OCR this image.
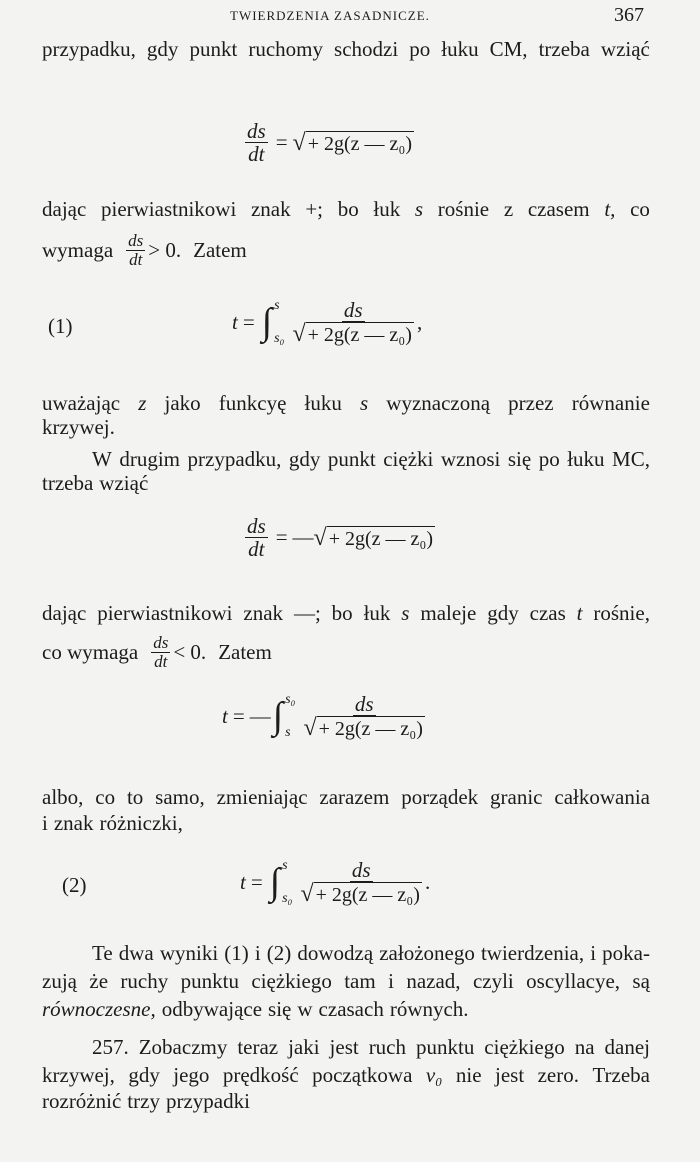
TWIERDZENIA ZASADNICZE.	367
przypadku, gdy punkt ruchomy schodzi po łuku CM, trzeba wziąć
dając pierwiastnikowi znak +; bo łuk s rośnie z czasem t, co
uważając z jako funkcyę łuku s wyznaczoną przez równanie
krzywej.
W drugim przypadku, gdy punkt ciężki wznosi się po łuku MC,
trzeba wziąć
dając pierwiastnikowi znak —; bo łuk s maleje gdy czas t rośnie,
albo, co to samo, zmieniając zarazem porządek granic całkowania
i znak różniczki,
Te dwa wyniki (1) i (2) dowodzą założonego twierdzenia, i poka-
zują że ruchy punktu ciężkiego tam i nazad, czyli oscyllacye, są
równoczesne, odbywające się w czasach równych.
257. Zobaczmy teraz jaki jest ruch punktu ciężkiego na danej
krzywej, gdy jego prędkość początkowa v₀ nie jest zero. Trzeba
rozróżnić trzy przypadki
$\frac{ds}{dt}$ = √ + 2g(z — z₀)
wymaga $\frac{ds}{dt} > 0$. Zatem
(1)	t = ∫ s
$s_0 \frac{ds}{\text{√ + 2g(z — z₀)}}$ ,
$\frac{ds}{dt}$ = — √ + 2g(z — z₀)
co wymaga $\frac{ds}{dt} < 0$. Zatem
t = — ∫ s₀
s $\frac{ds}{\text{√ + 2g(z — z₀)}}$
(2)	t = ∫ s
$s_0 \frac{ds}{\text{√ + 2g(z — z₀)}}$ .
